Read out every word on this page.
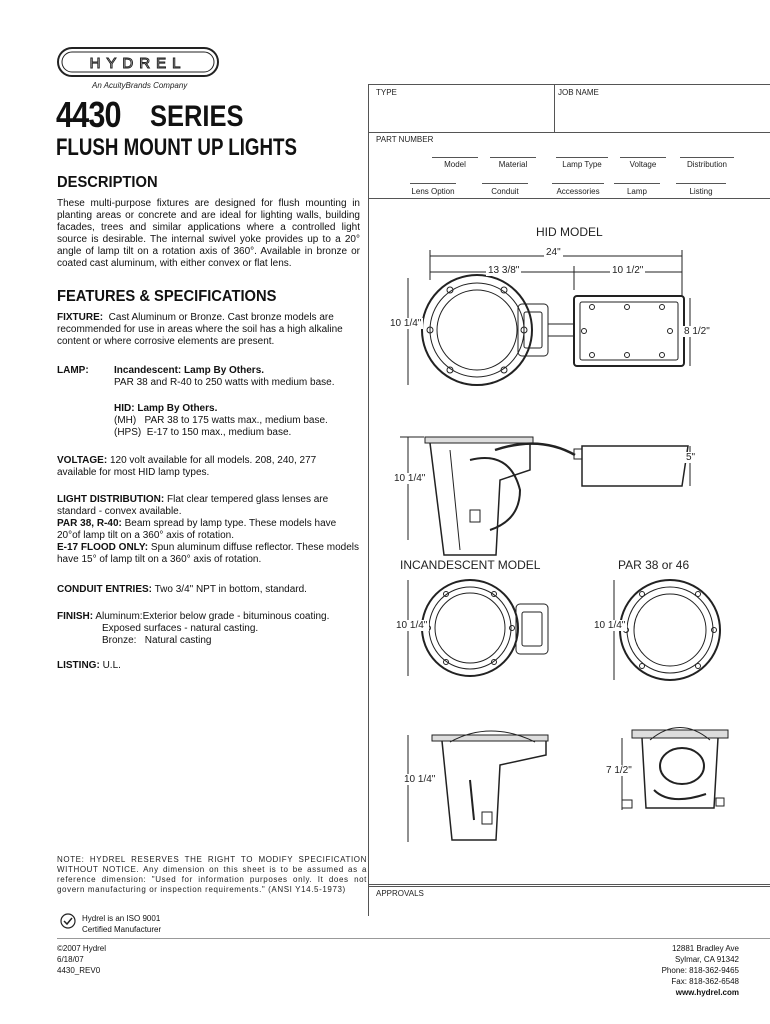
HYDREL
An AcuityBrands Company
4430 SERIES
FLUSH MOUNT UP LIGHTS
DESCRIPTION
These multi-purpose fixtures are designed for flush mounting in planting areas or concrete and are ideal for lighting walls, building facades, trees and similar applications where a controlled light source is desirable. The internal swivel yoke provides up to a 20° angle of lamp tilt on a rotation axis of 360°. Available in bronze or coated cast aluminum, with either convex or flat lens.
FEATURES & SPECIFICATIONS
FIXTURE: Cast Aluminum or Bronze. Cast bronze models are recommended for use in areas where the soil has a high alkaline content or where corrosive elements are present.
LAMP:	Incandescent: Lamp By Others.
PAR 38 and R-40 to 250 watts with medium base.
HID: Lamp By Others.
(MH)   PAR 38 to 175 watts max., medium base.
(HPS)  E-17 to 150 max., medium base.
VOLTAGE: 120 volt available for all models. 208, 240, 277 available for most HID lamp types.
LIGHT DISTRIBUTION: Flat clear tempered glass lenses are standard - convex available.
PAR 38, R-40: Beam spread by lamp type. These models have 20°of lamp tilt on a 360° axis of rotation.
E-17 FLOOD ONLY: Spun aluminum diffuse reflector. These models have 15° of lamp tilt on a 360° axis of rotation.
CONDUIT ENTRIES: Two 3/4" NPT in bottom, standard.
FINISH: Aluminum:Exterior below grade - bituminous coating.
Exposed surfaces - natural casting.
Bronze:   Natural casting
LISTING: U.L.
TYPE	JOB NAME
PART NUMBER
Model	Material	Lamp Type	Voltage	Distribution
Lens Option	Conduit	Accessories	Lamp	Listing
APPROVALS
HID MODEL
24"
13 3/8"	10 1/2"
10 1/4"
8 1/2"
10 1/4"
5"
INCANDESCENT MODEL
10 1/4"
10 1/4"
PAR 38 or 46
10 1/4"
7 1/2"
NOTE: HYDREL RESERVES THE RIGHT TO MODIFY SPECIFICATION WITHOUT NOTICE. Any dimension on this sheet is to be assumed as a reference dimension: "Used for information purposes only. It does not govern manufacturing or inspection requirements." (ANSI Y14.5-1973)
Hydrel is an ISO 9001
Certified Manufacturer
©2007 Hydrel
6/18/07
4430_REV0
12881 Bradley Ave
Sylmar, CA 91342
Phone: 818-362-9465
Fax: 818-362-6548
www.hydrel.com
